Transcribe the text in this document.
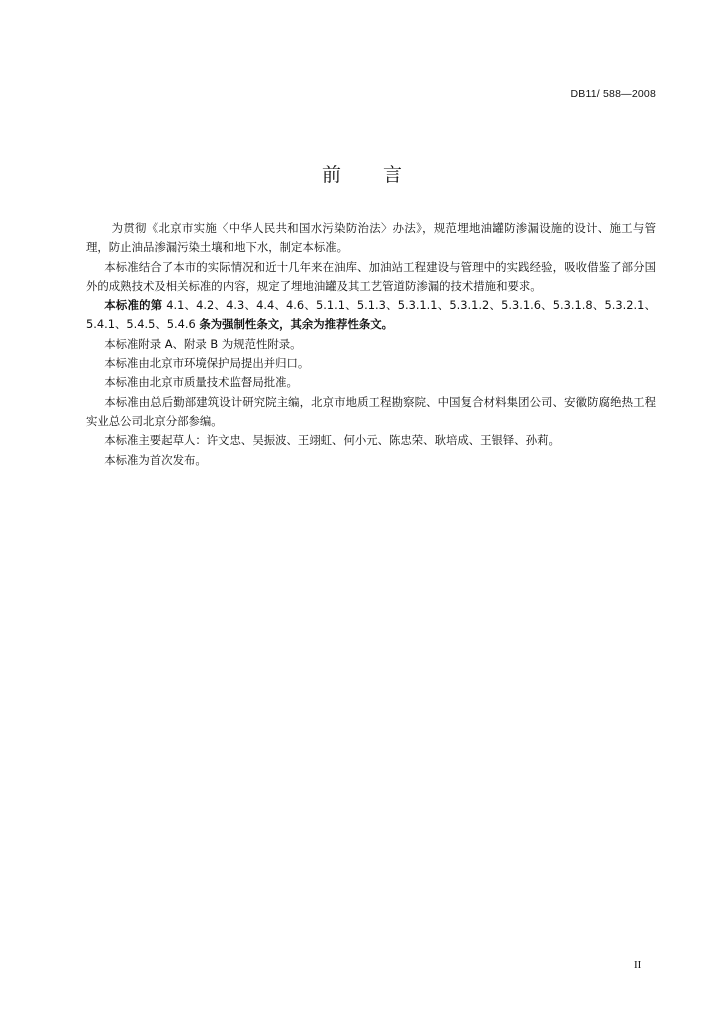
DB11/ 588—2008
前 言

为贯彻《北京市实施〈中华人民共和国水污染防治法〉办法》，规范埋地油罐防渗漏设施的设计、施工与管理，防止油品渗漏污染土壤和地下水，制定本标准。

本标准结合了本市的实际情况和近十几年来在油库、加油站工程建设与管理中的实践经验，吸收借鉴了部分国外的成熟技术及相关标准的内容，规定了埋地油罐及其工艺管道防渗漏的技术措施和要求。

本标准的第 4.1、4.2、4.3、4.4、4.6、5.1.1、5.1.3、5.3.1.1、5.3.1.2、5.3.1.6、5.3.1.8、5.3.2.1、5.4.1、5.4.5、5.4.6 条为强制性条文，其余为推荐性条文。

本标准附录 A、附录 B 为规范性附录。

本标准由北京市环境保护局提出并归口。

本标准由北京市质量技术监督局批准。

本标准由总后勤部建筑设计研究院主编，北京市地质工程勘察院、中国复合材料集团公司、安徽防腐绝热工程实业总公司北京分部参编。

本标准主要起草人：许文忠、吴振波、王翊虹、何小元、陈忠荣、耿培成、王银铎、孙莉。

本标准为首次发布。

II
